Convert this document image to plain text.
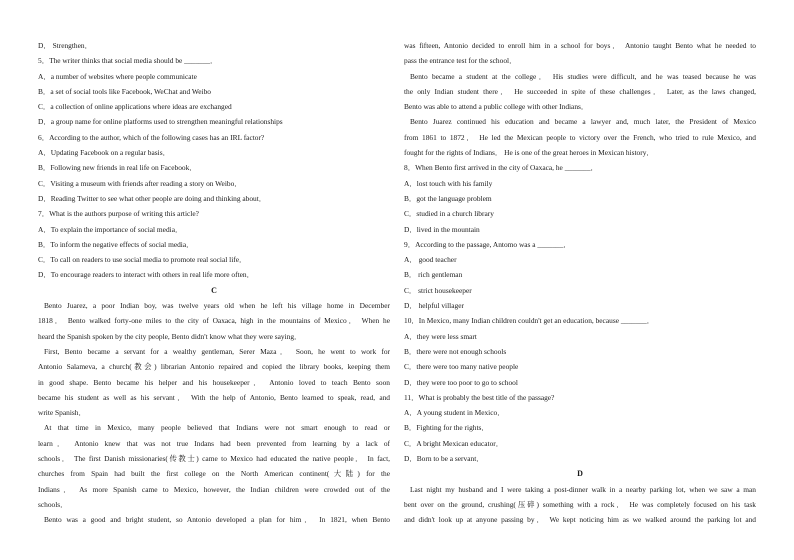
D． Strengthen．
5．The writer thinks that social media should be _______．
A．a number of websites where people communicate
B．a set of social tools like Facebook, WeChat and Weibo
C．a collection of online applications where ideas are exchanged
D．a group name for online platforms used to strengthen meaningful relationships
6．According to the author, which of the following cases has an IRL factor?
A．Updating Facebook on a regular basis．
B．Following new friends in real life on Facebook．
C．Visiting a museum with friends after reading a story on Weibo．
D．Reading Twitter to see what other people are doing and thinking about．
7．What is the authors purpose of writing this article?
A．To explain the importance of social media．
B．To inform the negative effects of social media．
C．To call on readers to use social media to promote real social life．
D．To encourage readers to interact with others in real life more often．
C
Bento Juarez, a poor Indian boy, was twelve years old when he left his village home in December
1818． Bento walked forty-one miles to the city of Oaxaca, high in the mountains of Mexico． When he
heard the Spanish spoken by the city people, Bento didn't know what they were saying．
First, Bento became a servant for a wealthy gentleman, Serer Maza． Soon, he went to work for
Antonio Salameva, a church(教会) librarian Antonio repaired and copied the library books, keeping them
in good shape. Bento became his helper and his housekeeper． Antonio loved to teach Bento soon
became his student as well as his servant． With the help of Antonio, Bento learned to speak, read, and
write Spanish．
At that time in Mexico, many people believed that Indians were not smart enough to read or
learn． Antonio knew that was not true Indans had been prevented from learning by a lack of
schools． The first Danish missionaries(传教士) came to Mexico had educated the native people． In fact,
churches from Spain had built the first college on the North American continent(大陆) for the
Indians． As more Spanish came to Mexico, however, the Indian children were crowded out of the
schools．
Bento was a good and bright student, so Antonio developed a plan for him． In 1821, when Bento
was fifteen, Antonio decided to enroll him in a school for boys． Antonio taught Bento what he needed to
pass the entrance test for the school．
Bento became a student at the college． His studies were difficult, and he was teased because he was
the only Indian student there． He succeeded in spite of these challenges． Later, as the laws changed,
Bento was able to attend a public college with other Indians．
Bento Juarez continued his education and became a lawyer and, much later, the President of Mexico
from 1861 to 1872． He led the Mexican people to victory over the French, who tried to rule Mexico, and
fought for the rights of Indians． He is one of the great heroes in Mexican history．
8．When Bento first arrived in the city of Oaxaca, he _______．
A．lost touch with his family
B．got the language problem
C．studied in a church library
D．lived in the mountain
9．According to the passage, Antomo was a _______．
A． good teacher
B． rich gentleman
C． strict housekeeper
D． helpful villager
10．In Mexico, many Indian children couldn't get an education, because _______．
A．they were less smart
B．there were not enough schools
C．there were too many native people
D．they were too poor to go to school
11．What is probably the best title of the passage?
A．A young student in Mexico．
B．Fighting for the rights．
C．A bright Mexican educator．
D．Born to be a servant．
D
Last night my husband and I were taking a post-dinner walk in a nearby parking lot, when we saw a man
bent over on the ground, crushing(压碎) something with a rock． He was completely focused on his task
and didn't look up at anyone passing by． We kept noticing him as we walked around the parking lot and
